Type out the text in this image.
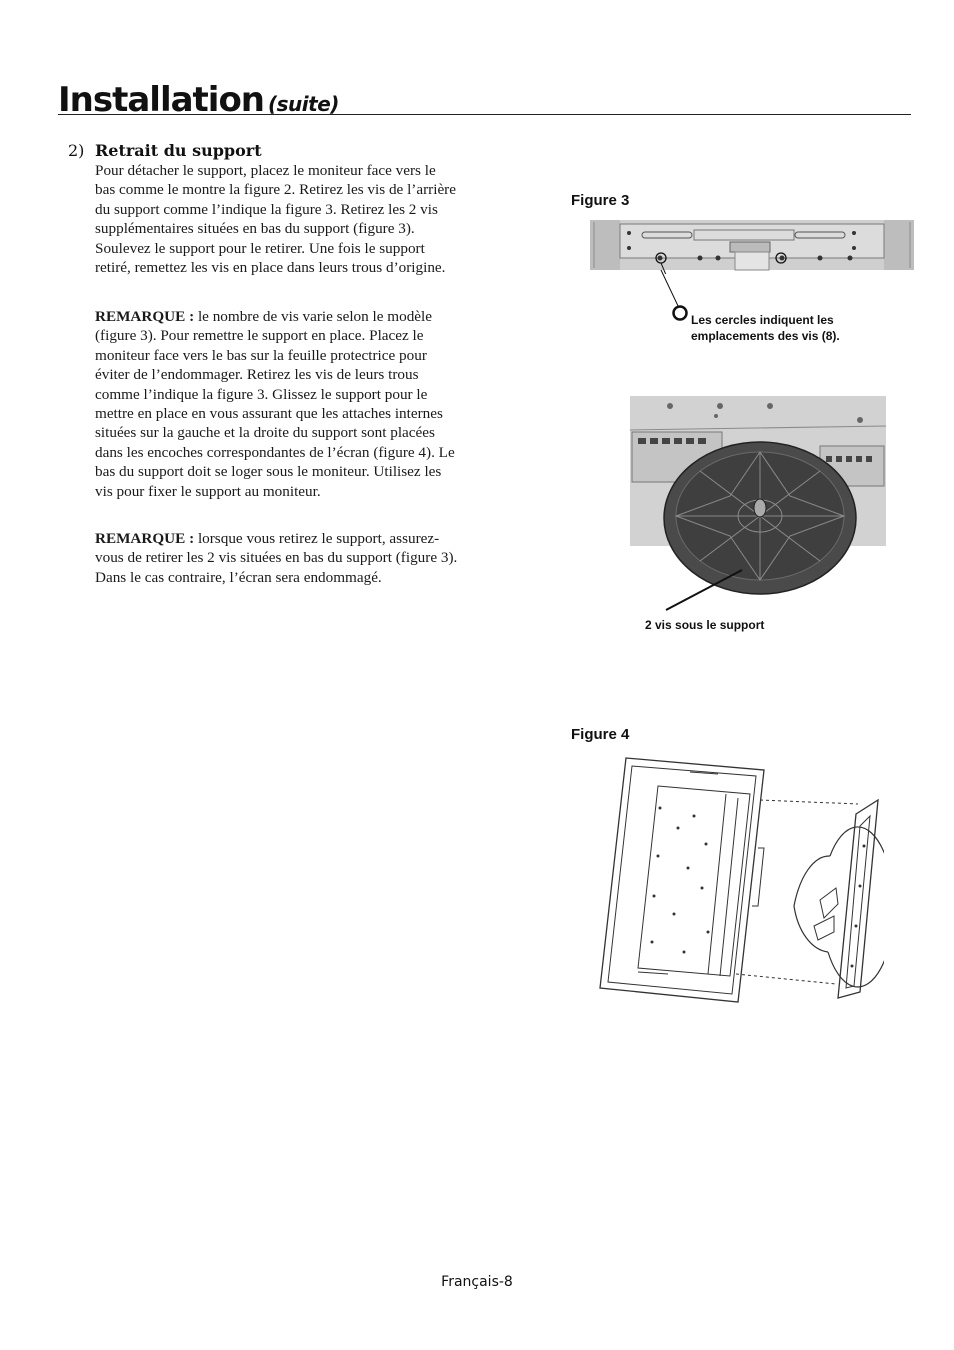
Installation (suite)
2) Retrait du support

Pour détacher le support, placez le moniteur face vers le bas comme le montre la figure 2. Retirez les vis de l’arrière du support comme l’indique la figure 3. Retirez les 2 vis supplémentaires situées en bas du support (figure 3). Soulevez le support pour le retirer. Une fois le support retiré, remettez les vis en place dans leurs trous d’origine.

REMARQUE : le nombre de vis varie selon le modèle (figure 3). Pour remettre le support en place. Placez le moniteur face vers le bas sur la feuille protectrice pour éviter de l’endommager. Retirez les vis de leurs trous comme l’indique la figure 3. Glissez le support pour le mettre en place en vous assurant que les attaches internes situées sur la gauche et la droite du support sont placées dans les encoches correspondantes de l’écran (figure 4). Le bas du support doit se loger sous le moniteur. Utilisez les vis pour fixer le support au moniteur.

REMARQUE : lorsque vous retirez le support, assurez-vous de retirer les 2 vis situées en bas du support (figure 3). Dans le cas contraire, l’écran sera endommagé.

Figure 3
Les cercles indiquent les
emplacements des vis (8).
2 vis sous le support
Figure 4
Français-8
